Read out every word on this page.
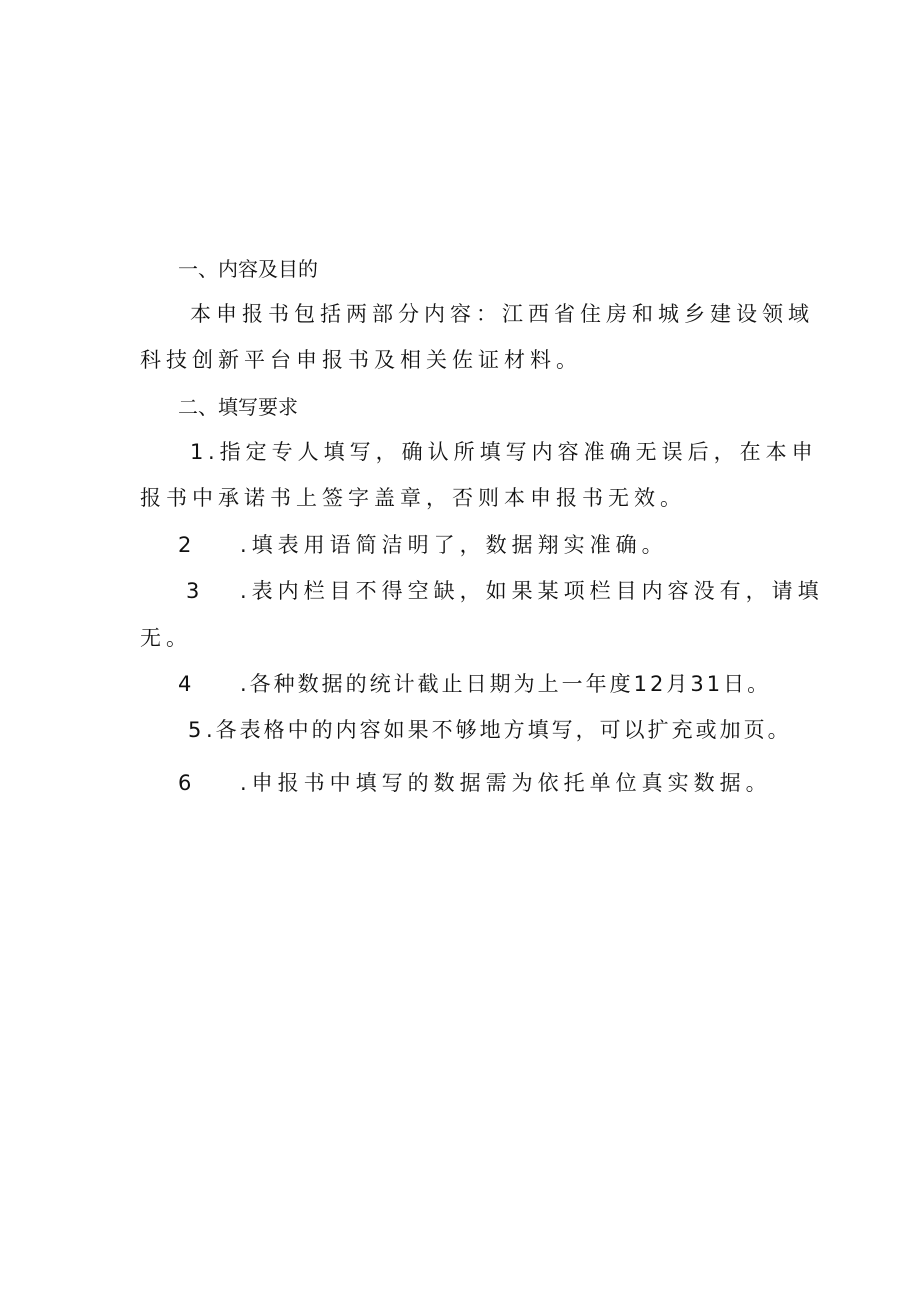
一、内容及目的
本申报书包括两部分内容：江西省住房和城乡建设领域
科技创新平台申报书及相关佐证材料。
二、填写要求
1 .指定专人填写，确认所填写内容准确无误后，在本申
报书中承诺书上签字盖章，否则本申报书无效。
2 .填表用语简洁明了，数据翔实准确。
3 .表内栏目不得空缺，如果某项栏目内容没有，请填
无。
4 .各种数据的统计截止日期为上一年度12月31日。
5 .各表格中的内容如果不够地方填写，可以扩充或加页。
6 .申报书中填写的数据需为依托单位真实数据。
